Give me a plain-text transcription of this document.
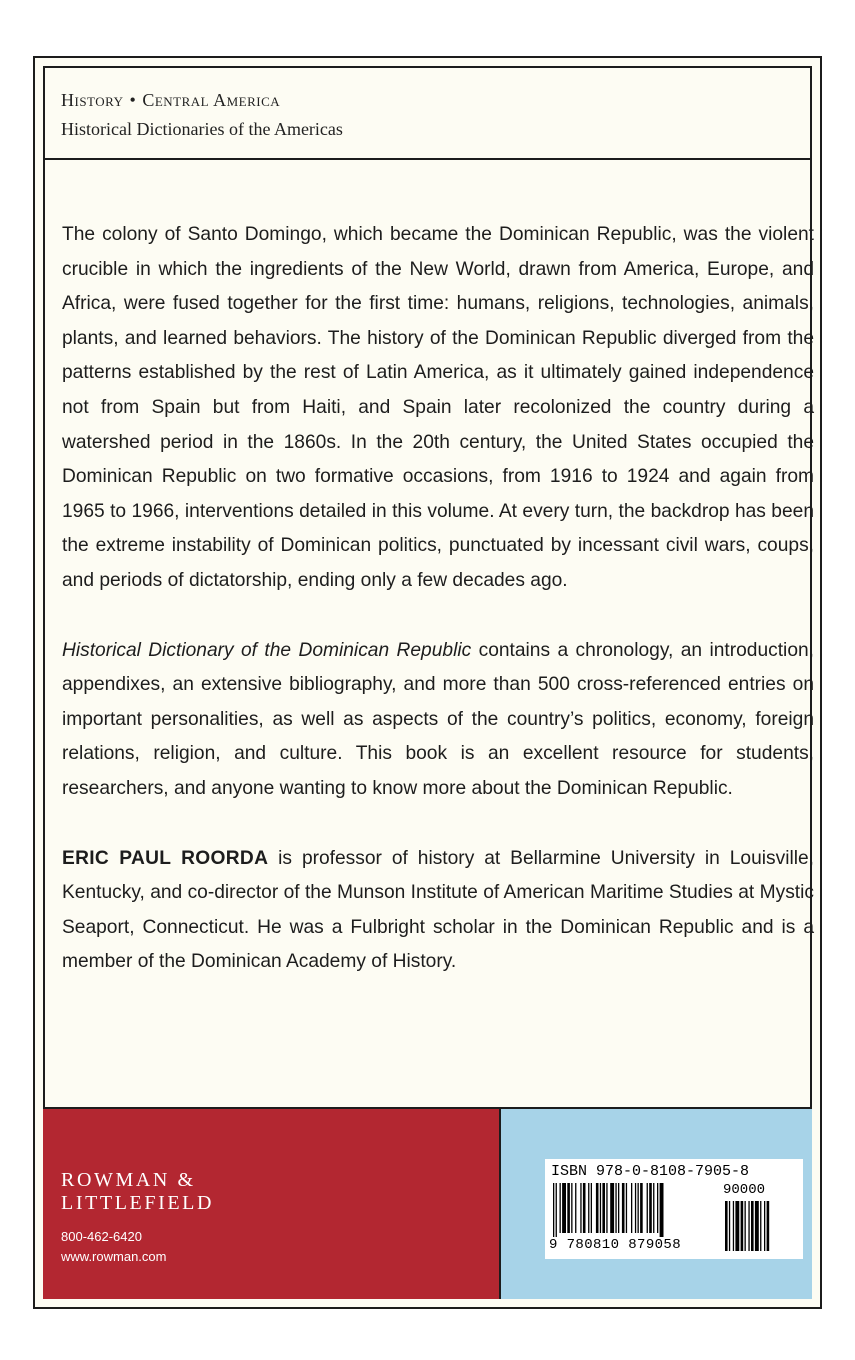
History • Central America
Historical Dictionaries of the Americas

The colony of Santo Domingo, which became the Dominican Republic, was the violent crucible in which the ingredients of the New World, drawn from America, Europe, and Africa, were fused together for the first time: humans, religions, technologies, animals, plants, and learned behaviors. The history of the Dominican Republic diverged from the patterns established by the rest of Latin America, as it ultimately gained independence not from Spain but from Haiti, and Spain later recolonized the country during a watershed period in the 1860s. In the 20th century, the United States occupied the Dominican Republic on two formative occasions, from 1916 to 1924 and again from 1965 to 1966, interventions detailed in this volume. At every turn, the backdrop has been the extreme instability of Dominican politics, punctuated by incessant civil wars, coups, and periods of dictatorship, ending only a few decades ago.

Historical Dictionary of the Dominican Republic contains a chronology, an introduction, appendixes, an extensive bibliography, and more than 500 cross-referenced entries on important personalities, as well as aspects of the country’s politics, economy, foreign relations, religion, and culture. This book is an excellent resource for students, researchers, and anyone wanting to know more about the Dominican Republic.

ERIC PAUL ROORDA is professor of history at Bellarmine University in Louisville, Kentucky, and co-director of the Munson Institute of American Maritime Studies at Mystic Seaport, Connecticut. He was a Fulbright scholar in the Dominican Republic and is a member of the Dominican Academy of History.

ROWMAN &
LITTLEFIELD
800-462-6420
www.rowman.com
ISBN 978-0-8108-7905-8
90000
9 780810 879058
